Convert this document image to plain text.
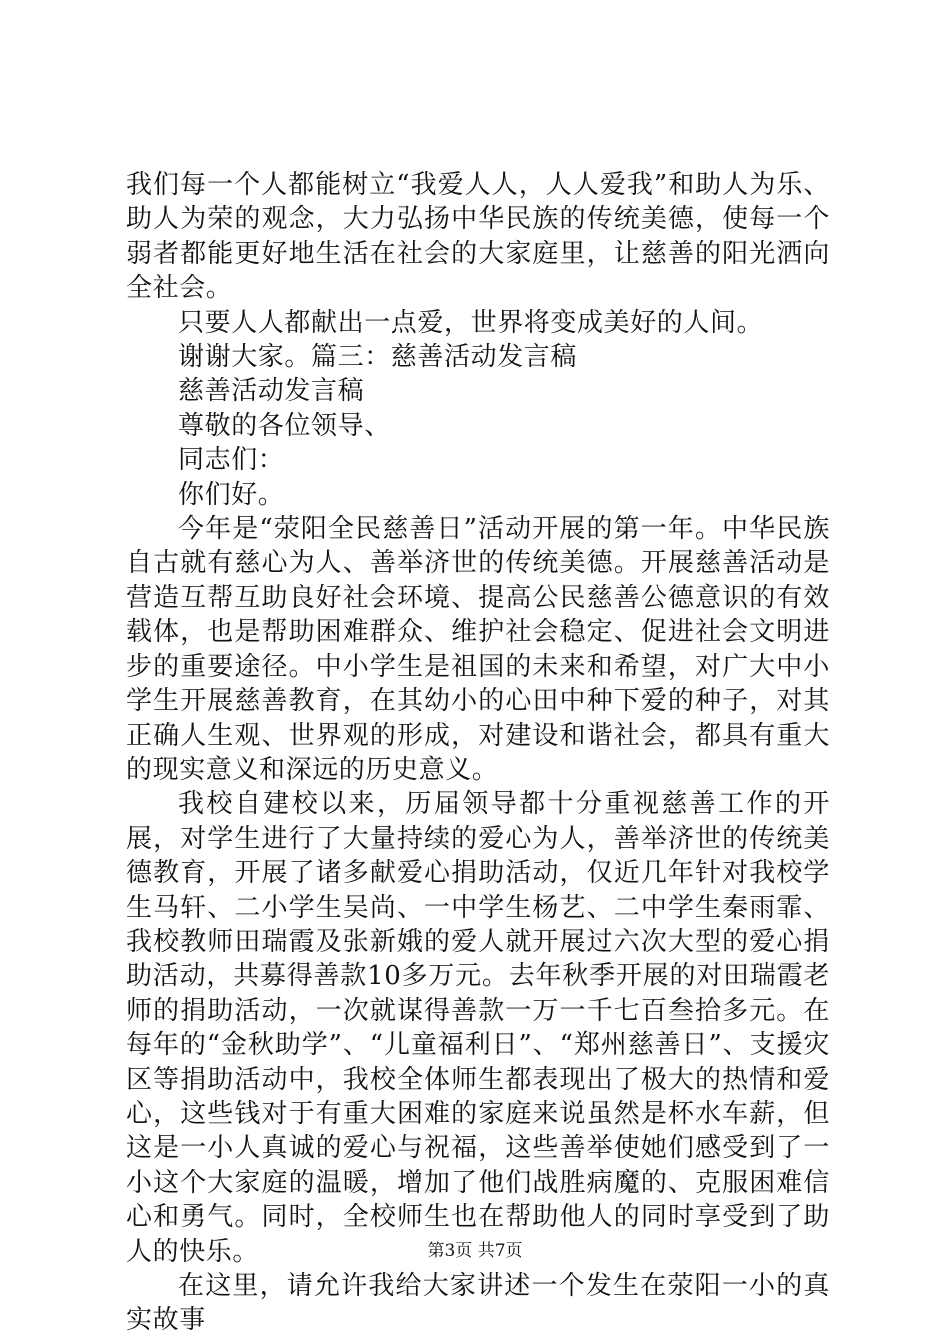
我们每一个人都能树立“我爱人人，人人爱我”和助人为乐、助人为荣的观念，大力弘扬中华民族的传统美德，使每一个弱者都能更好地生活在社会的大家庭里，让慈善的阳光洒向全社会。

只要人人都献出一点爱，世界将变成美好的人间。

谢谢大家。篇三：慈善活动发言稿

慈善活动发言稿

尊敬的各位领导、

同志们：

你们好。

今年是“荥阳全民慈善日”活动开展的第一年。中华民族自古就有慈心为人、善举济世的传统美德。开展慈善活动是营造互帮互助良好社会环境、提高公民慈善公德意识的有效载体，也是帮助困难群众、维护社会稳定、促进社会文明进步的重要途径。中小学生是祖国的未来和希望，对广大中小学生开展慈善教育，在其幼小的心田中种下爱的种子，对其正确人生观、世界观的形成，对建设和谐社会，都具有重大的现实意义和深远的历史意义。

我校自建校以来，历届领导都十分重视慈善工作的开展，对学生进行了大量持续的爱心为人，善举济世的传统美德教育，开展了诸多献爱心捐助活动，仅近几年针对我校学生马轩、二小学生吴尚、一中学生杨艺、二中学生秦雨霏、我校教师田瑞霞及张新娥的爱人就开展过六次大型的爱心捐助活动，共募得善款10多万元。去年秋季开展的对田瑞霞老师的捐助活动，一次就谋得善款一万一千七百叁拾多元。在每年的“金秋助学”、“儿童福利日”、“郑州慈善日”、支援灾区等捐助活动中，我校全体师生都表现出了极大的热情和爱心，这些钱对于有重大困难的家庭来说虽然是杯水车薪，但这是一小人真诚的爱心与祝福，这些善举使她们感受到了一小这个大家庭的温暖，增加了他们战胜病魔的、克服困难信心和勇气。同时，全校师生也在帮助他人的同时享受到了助人的快乐。

在这里，请允许我给大家讲述一个发生在荥阳一小的真实故事

第3页 共7页
